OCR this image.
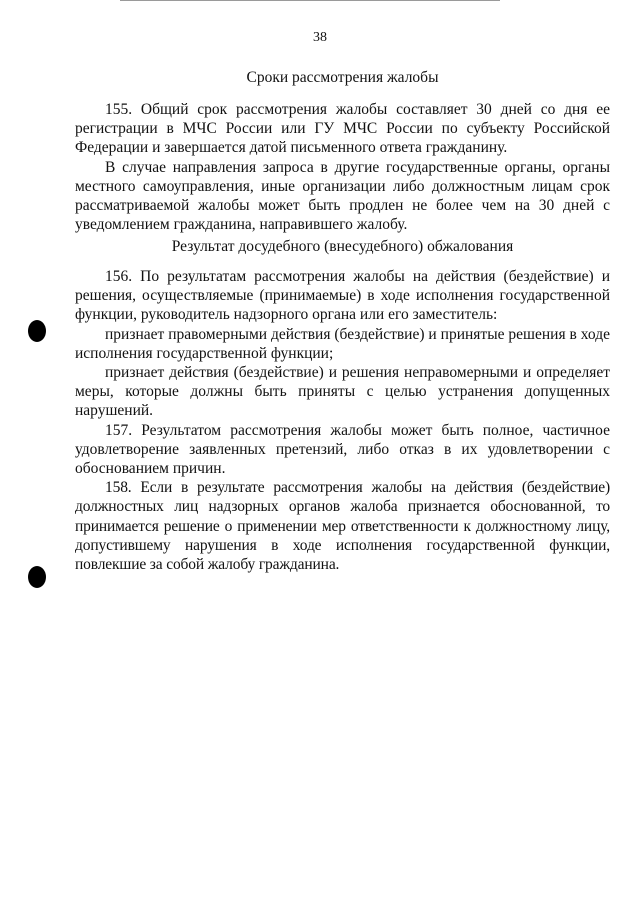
38
Сроки рассмотрения жалобы

155. Общий срок рассмотрения жалобы составляет 30 дней со дня ее регистрации в МЧС России или ГУ МЧС России по субъекту Российской Федерации и завершается датой письменного ответа гражданину.

В случае направления запроса в другие государственные органы, органы местного самоуправления, иные организации либо должностным лицам срок рассматриваемой жалобы может быть продлен не более чем на 30 дней с уведомлением гражданина, направившего жалобу.

Результат досудебного (внесудебного) обжалования

156. По результатам рассмотрения жалобы на действия (бездействие) и решения, осуществляемые (принимаемые) в ходе исполнения государственной функции, руководитель надзорного органа или его заместитель:

признает правомерными действия (бездействие) и принятые решения в ходе исполнения государственной функции;

признает действия (бездействие) и решения неправомерными и определяет меры, которые должны быть приняты с целью устранения допущенных нарушений.

157. Результатом рассмотрения жалобы может быть полное, частичное удовлетворение заявленных претензий, либо отказ в их удовлетворении с обоснованием причин.

158. Если в результате рассмотрения жалобы на действия (бездействие) должностных лиц надзорных органов жалоба признается обоснованной, то принимается решение о применении мер ответственности к должностному лицу, допустившему нарушения в ходе исполнения государственной функции, повлекшие за собой жалобу гражданина.
